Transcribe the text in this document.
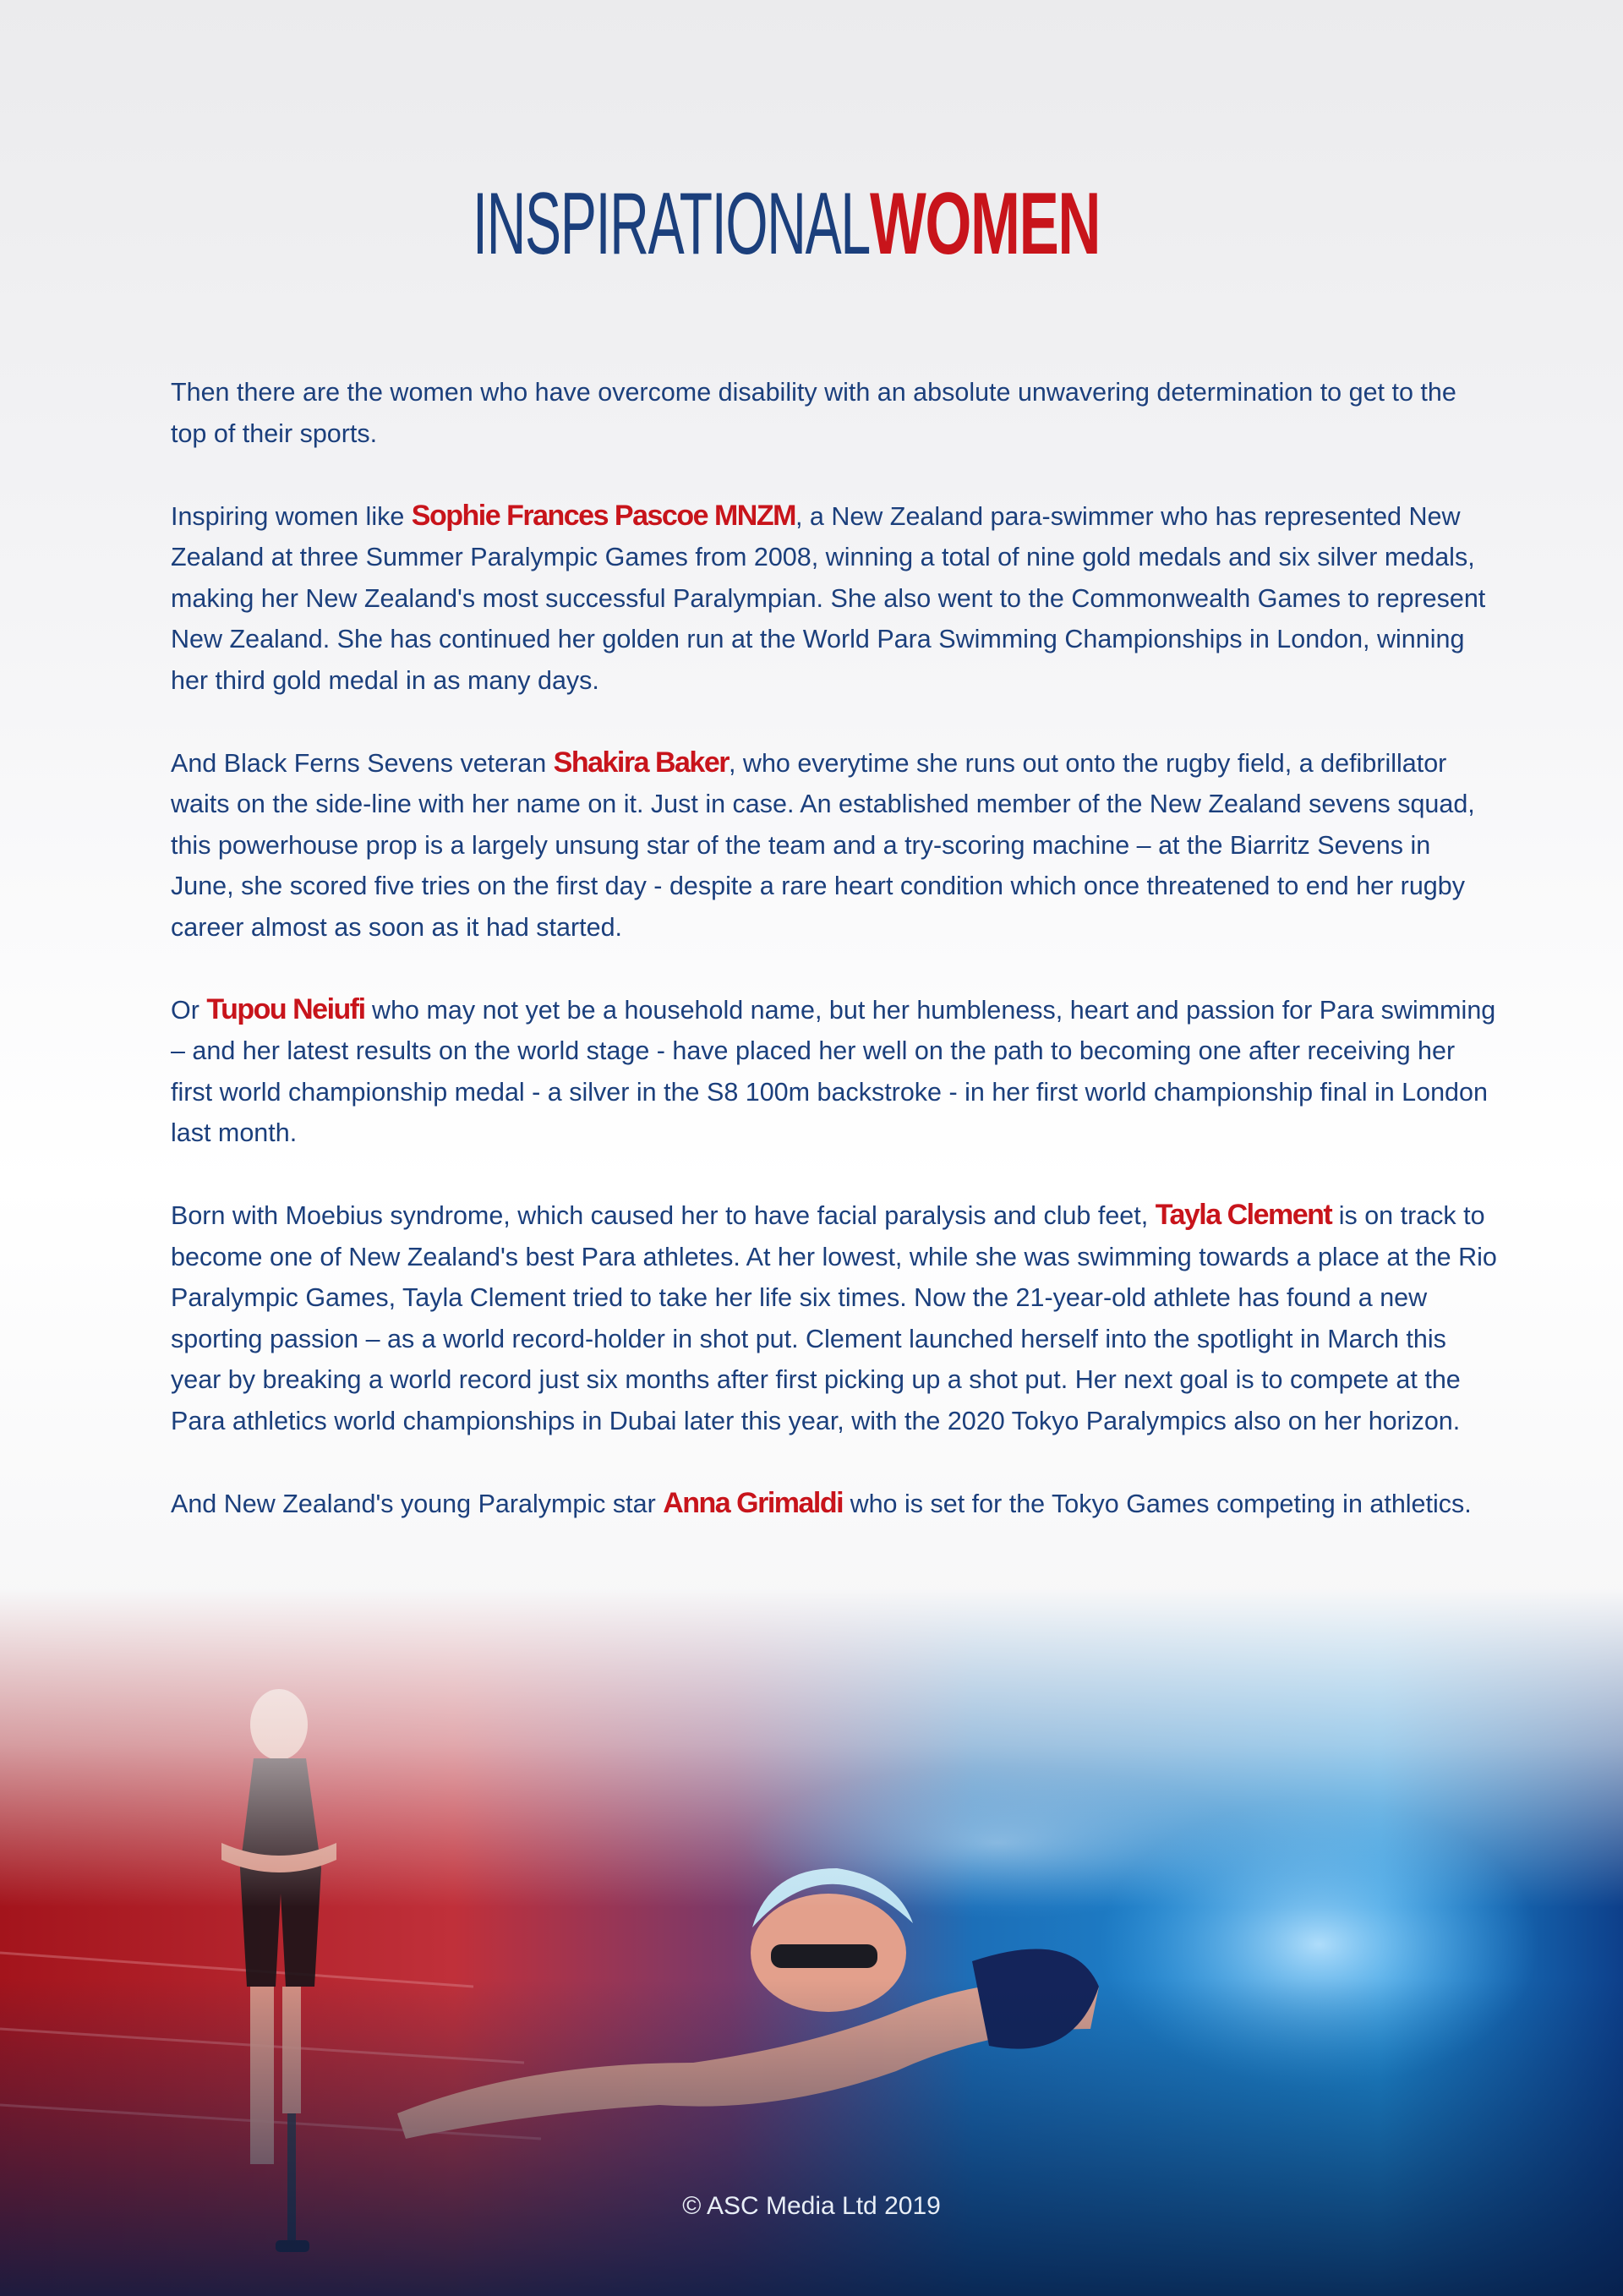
INSPIRATIONALWOMEN

Then there are the women who have overcome disability with an absolute unwavering determination to get to the top of their sports.

Inspiring women like Sophie Frances Pascoe MNZM, a New Zealand para-swimmer who has represented New Zealand at three Summer Paralympic Games from 2008, winning a total of nine gold medals and six silver medals, making her New Zealand's most successful Paralympian. She also went to the Commonwealth Games to represent New Zealand. She has continued her golden run at the World Para Swimming Championships in London, winning her third gold medal in as many days.

And Black Ferns Sevens veteran Shakira Baker, who everytime she runs out onto the rugby field, a defibrillator waits on the side-line with her name on it. Just in case. An established member of the New Zealand sevens squad, this powerhouse prop is a largely unsung star of the team and a try-scoring machine – at the Biarritz Sevens in June, she scored five tries on the first day - despite a rare heart condition which once threatened to end her rugby career almost as soon as it had started.

Or Tupou Neiufi who may not yet be a household name, but her humbleness, heart and passion for Para swimming – and her latest results on the world stage - have placed her well on the path to becoming one after receiving her first world championship medal - a silver in the S8 100m backstroke - in her first world championship final in London last month.

Born with Moebius syndrome, which caused her to have facial paralysis and club feet, Tayla Clement is on track to become one of New Zealand's best Para athletes. At her lowest, while she was swimming towards a place at the Rio Paralympic Games, Tayla Clement tried to take her life six times. Now the 21-year-old athlete has found a new sporting passion – as a world record-holder in shot put. Clement launched herself into the spotlight in March this year by breaking a world record just six months after first picking up a shot put. Her next goal is to compete at the Para athletics world championships in Dubai later this year, with the 2020 Tokyo Paralympics also on her horizon.

And New Zealand's young Paralympic star Anna Grimaldi who is set for the Tokyo Games competing in athletics.

© ASC Media Ltd 2019
